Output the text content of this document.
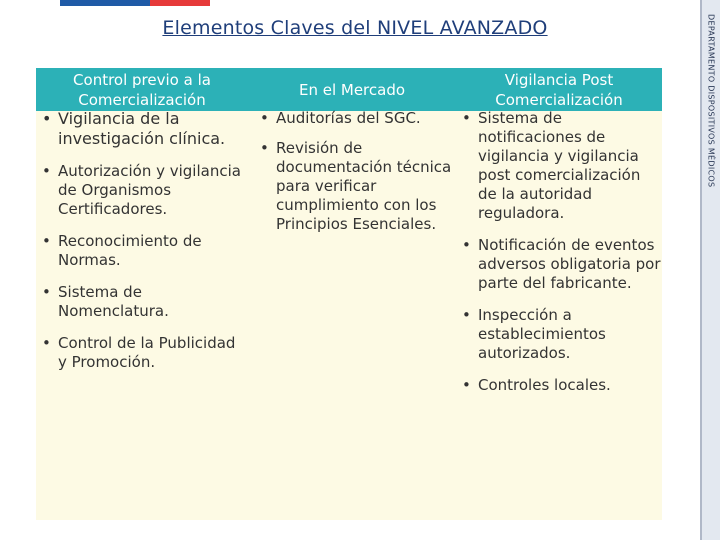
Elementos Claves del NIVEL AVANZADO	DEPARTAMENTO DISPOSITIVOS MÉDICOS
Control previo a la Comercialización
En el Mercado
Vigilancia Post Comercialización
• Vigilancia de la investigación clínica.
• Autorización y vigilancia de Organismos Certificadores.
• Reconocimiento de Normas.
• Sistema de Nomenclatura.
• Control de la Publicidad y Promoción.
• Auditorías del SGC.
• Revisión de documentación técnica para verificar cumplimiento con los Principios Esenciales.
• Sistema de notificaciones de vigilancia y vigilancia post comercialización de la autoridad reguladora.
• Notificación de eventos adversos obligatoria por parte del fabricante.
• Inspección a establecimientos autorizados.
• Controles locales.
